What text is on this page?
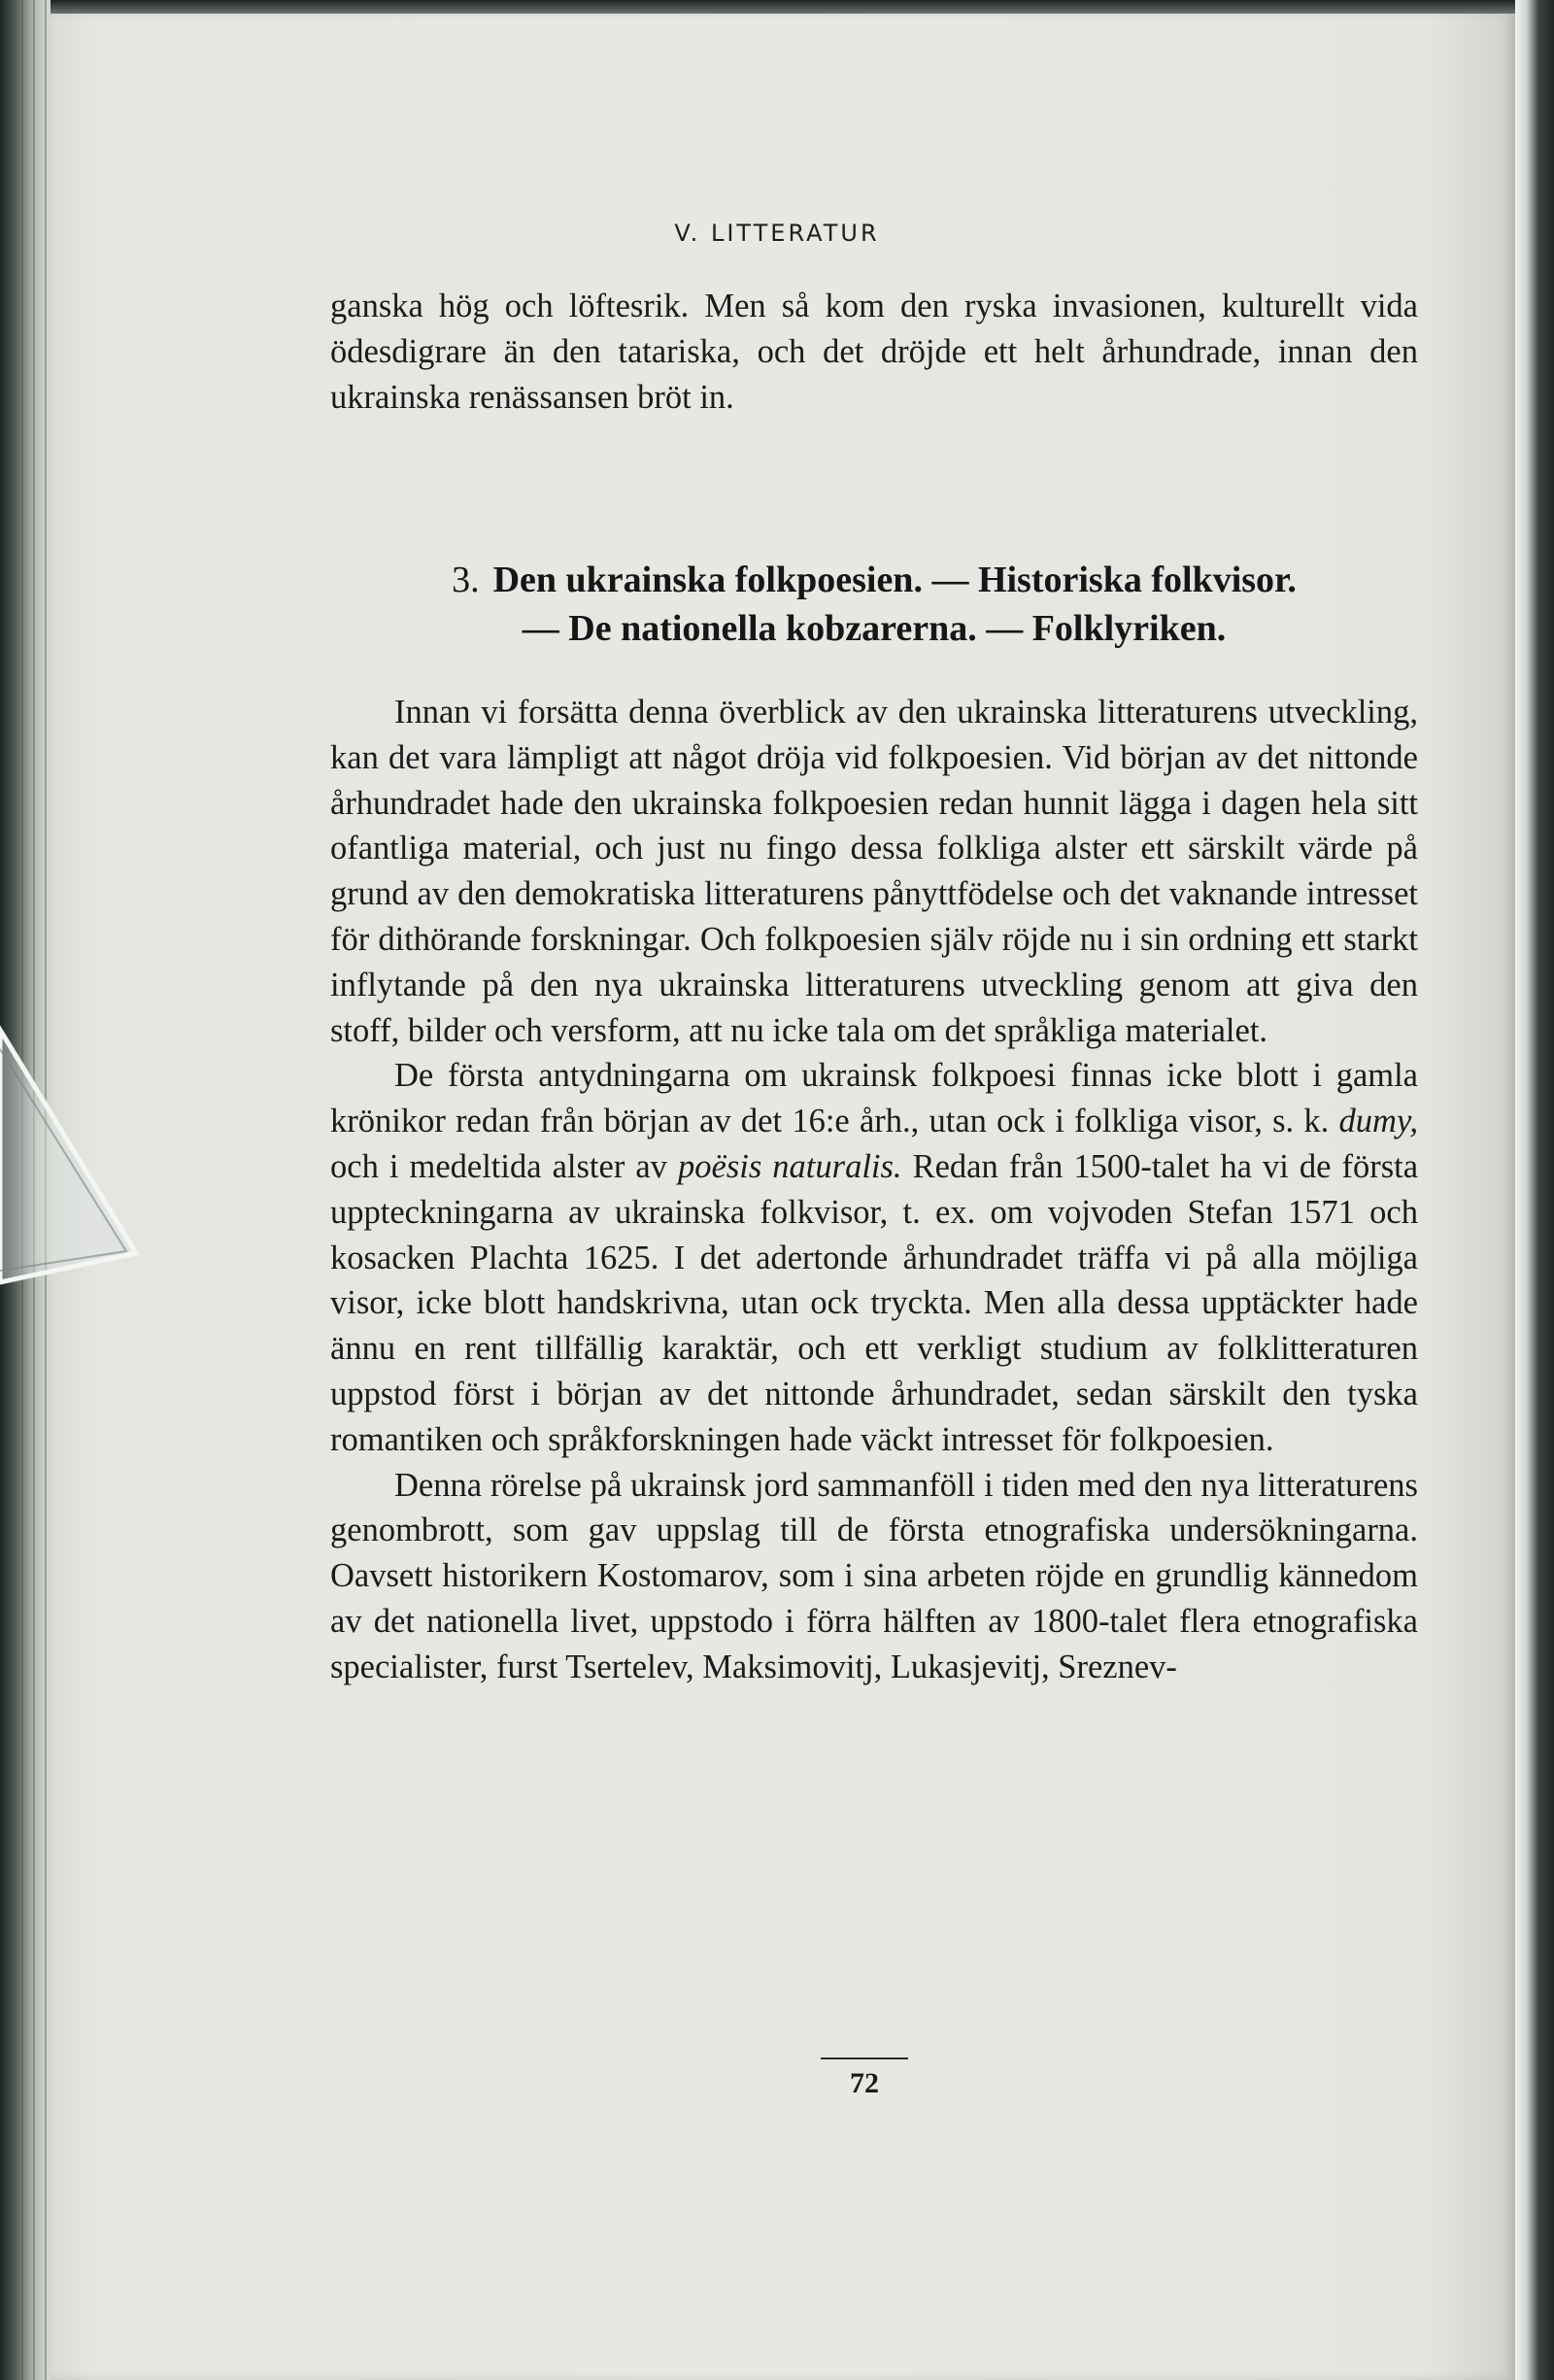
V. LITTERATUR

ganska hög och löftesrik. Men så kom den ryska invasionen, kulturellt vida ödesdigrare än den tatariska, och det dröjde ett helt århundrade, innan den ukrainska renässansen bröt in.

3. Den ukrainska folkpoesien. — Historiska folkvisor.
— De nationella kobzarerna. — Folklyriken.

Innan vi forsätta denna överblick av den ukrainska litteraturens utveckling, kan det vara lämpligt att något dröja vid folkpoesien. Vid början av det nittonde århundradet hade den ukrainska folkpoesien redan hunnit lägga i dagen hela sitt ofantliga material, och just nu fingo dessa folkliga alster ett särskilt värde på grund av den demokratiska litteraturens pånyttfödelse och det vaknande intresset för dithörande forskningar. Och folkpoesien själv röjde nu i sin ordning ett starkt inflytande på den nya ukrainska litteraturens utveckling genom att giva den stoff, bilder och versform, att nu icke tala om det språkliga materialet.

De första antydningarna om ukrainsk folkpoesi finnas icke blott i gamla krönikor redan från början av det 16:e årh., utan ock i folkliga visor, s. k. dumy, och i medeltida alster av poësis naturalis. Redan från 1500-talet ha vi de första uppteckningarna av ukrainska folkvisor, t. ex. om vojvoden Stefan 1571 och kosacken Plachta 1625. I det adertonde århundradet träffa vi på alla möjliga visor, icke blott handskrivna, utan ock tryckta. Men alla dessa upptäckter hade ännu en rent tillfällig karaktär, och ett verkligt studium av folklitteraturen uppstod först i början av det nittonde århundradet, sedan särskilt den tyska romantiken och språkforskningen hade väckt intresset för folkpoesien.

Denna rörelse på ukrainsk jord sammanföll i tiden med den nya litteraturens genombrott, som gav uppslag till de första etnografiska undersökningarna. Oavsett historikern Kostomarov, som i sina arbeten röjde en grundlig kännedom av det nationella livet, uppstodo i förra hälften av 1800-talet flera etnografiska specialister, furst Tsertelev, Maksimovitj, Lukasjevitj, Sreznev-

72
